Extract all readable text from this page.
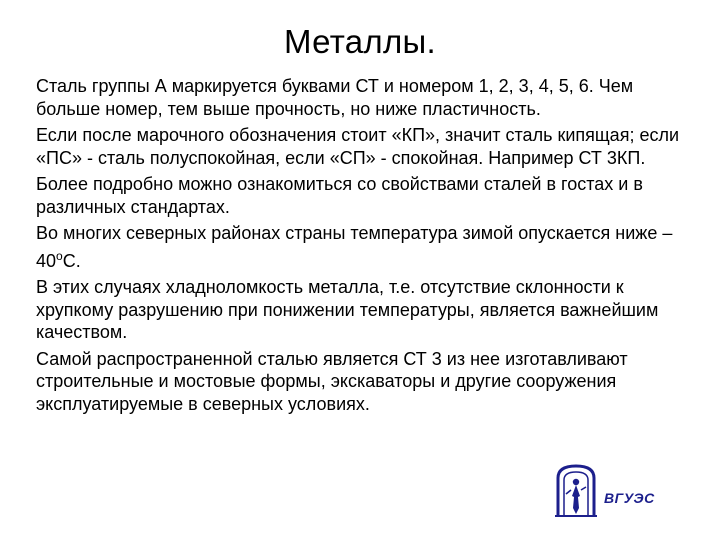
Металлы.

Сталь группы А маркируется буквами СТ и номером 1, 2, 3, 4, 5, 6. Чем больше номер, тем выше прочность, но ниже пластичность.

Если после марочного обозначения стоит «КП», значит сталь кипящая; если «ПС» - сталь полуспокойная, если «СП» - спокойная. Например СТ 3КП.

Более подробно можно ознакомиться со свойствами сталей в гостах и в различных стандартах.

Во многих северных районах страны температура зимой опускается ниже – $40^оС$.

В этих случаях хладноломкость металла, т.е. отсутствие склонности к хрупкому разрушению при понижении температуры, является важнейшим качеством.

Самой распространенной сталью является СТ 3 из нее изготавливают строительные и мостовые формы, экскаваторы и другие сооружения эксплуатируемые в северных условиях.

ВГУЭС
